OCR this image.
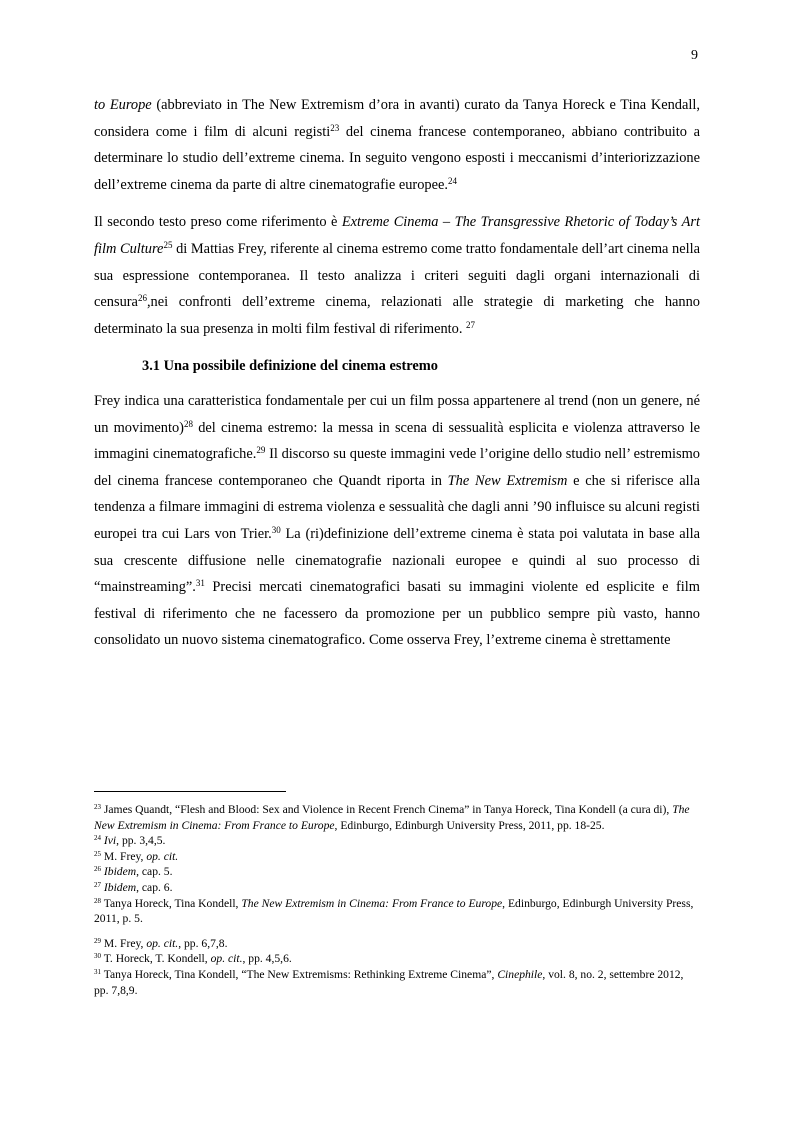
9

to Europe (abbreviato in The New Extremism d’ora in avanti) curato da Tanya Horeck e Tina Kendall, considera come i film di alcuni registi$^{23}$ del cinema francese contemporaneo, abbiano contribuito a determinare lo studio dell’extreme cinema. In seguito vengono esposti i meccanismi d’interiorizzazione dell’extreme cinema da parte di altre cinematografie europee.$^{24}$

Il secondo testo preso come riferimento è Extreme Cinema – The Transgressive Rhetoric of Today’s Art film Culture$^{25}$ di Mattias Frey, riferente al cinema estremo come tratto fondamentale dell’art cinema nella sua espressione contemporanea. Il testo analizza i criteri seguiti dagli organi internazionali di censura$^{26}$,nei confronti dell’extreme cinema, relazionati alle strategie di marketing che hanno determinato la sua presenza in molti film festival di riferimento. $^{27}$

3.1 Una possibile definizione del cinema estremo

Frey indica una caratteristica fondamentale per cui un film possa appartenere al trend (non un genere, né un movimento)$^{28}$ del cinema estremo: la messa in scena di sessualità esplicita e violenza attraverso le immagini cinematografiche.$^{29}$ Il discorso su queste immagini vede l’origine dello studio nell’ estremismo del cinema francese contemporaneo che Quandt riporta in The New Extremism e che si riferisce alla tendenza a filmare immagini di estrema violenza e sessualità che dagli anni ’90 influisce su alcuni registi europei tra cui Lars von Trier.$^{30}$ La (ri)definizione dell’extreme cinema è stata poi valutata in base alla sua crescente diffusione nelle cinematografie nazionali europee e quindi al suo processo di “mainstreaming”.$^{31}$ Precisi mercati cinematografici basati su immagini violente ed esplicite e film festival di riferimento che ne facessero da promozione per un pubblico sempre più vasto, hanno consolidato un nuovo sistema cinematografico. Come osserva Frey, l’extreme cinema è strettamente

$^{23}$ James Quandt, “Flesh and Blood: Sex and Violence in Recent French Cinema” in Tanya Horeck, Tina Kondell (a cura di), The New Extremism in Cinema: From France to Europe, Edinburgo, Edinburgh University Press, 2011, pp. 18-25.

$^{24}$ Ivi, pp. 3,4,5.

$^{25}$ M. Frey, op. cit.

$^{26}$ Ibidem, cap. 5.

$^{27}$ Ibidem, cap. 6.

$^{28}$ Tanya Horeck, Tina Kondell, The New Extremism in Cinema: From France to Europe, Edinburgo, Edinburgh University Press, 2011, p. 5.

$^{29}$ M. Frey, op. cit., pp. 6,7,8.

$^{30}$ T. Horeck, T. Kondell, op. cit., pp. 4,5,6.

$^{31}$ Tanya Horeck, Tina Kondell, “The New Extremisms: Rethinking Extreme Cinema”, Cinephile, vol. 8, no. 2, settembre 2012, pp. 7,8,9.
